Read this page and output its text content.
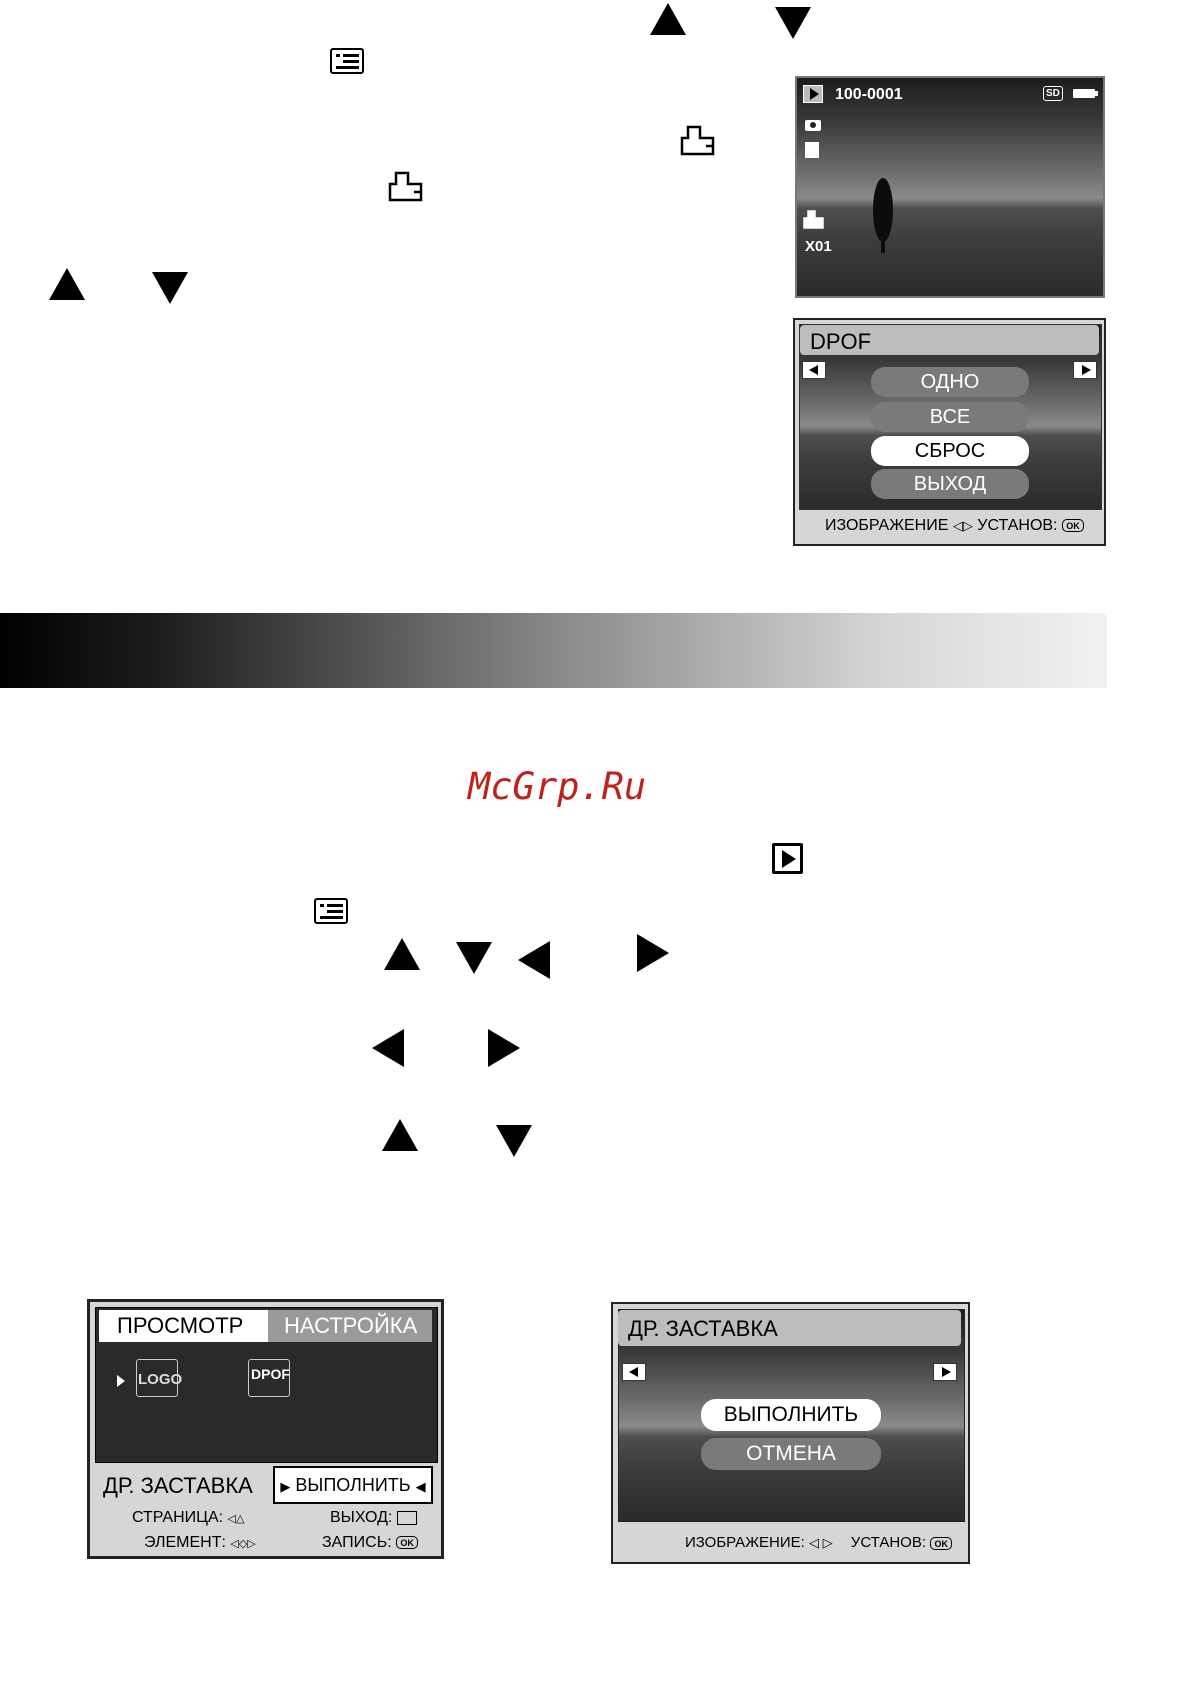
100-0001	SD
X01
DPOF
ОДНО
ВСЕ
СБРОС
ВЫХОД
ИЗОБРАЖЕНИЕ ◁▷ УСТАНОВ: OK
McGrp.Ru
ПРОСМОТР	НАСТРОЙКА
LOGO	DPOF
ДР. ЗАСТАВКА	▶ ВЫПОЛНИТЬ ◀
СТРАНИЦА: ◁△	ВЫХОД:
ЭЛЕМЕНТ: ◁◇▷	ЗАПИСЬ: OK
ДР. ЗАСТАВКА
ВЫПОЛНИТЬ
ОТМЕНА
ИЗОБРАЖЕНИЕ: ◁ ▷ УСТАНОВ: OK
